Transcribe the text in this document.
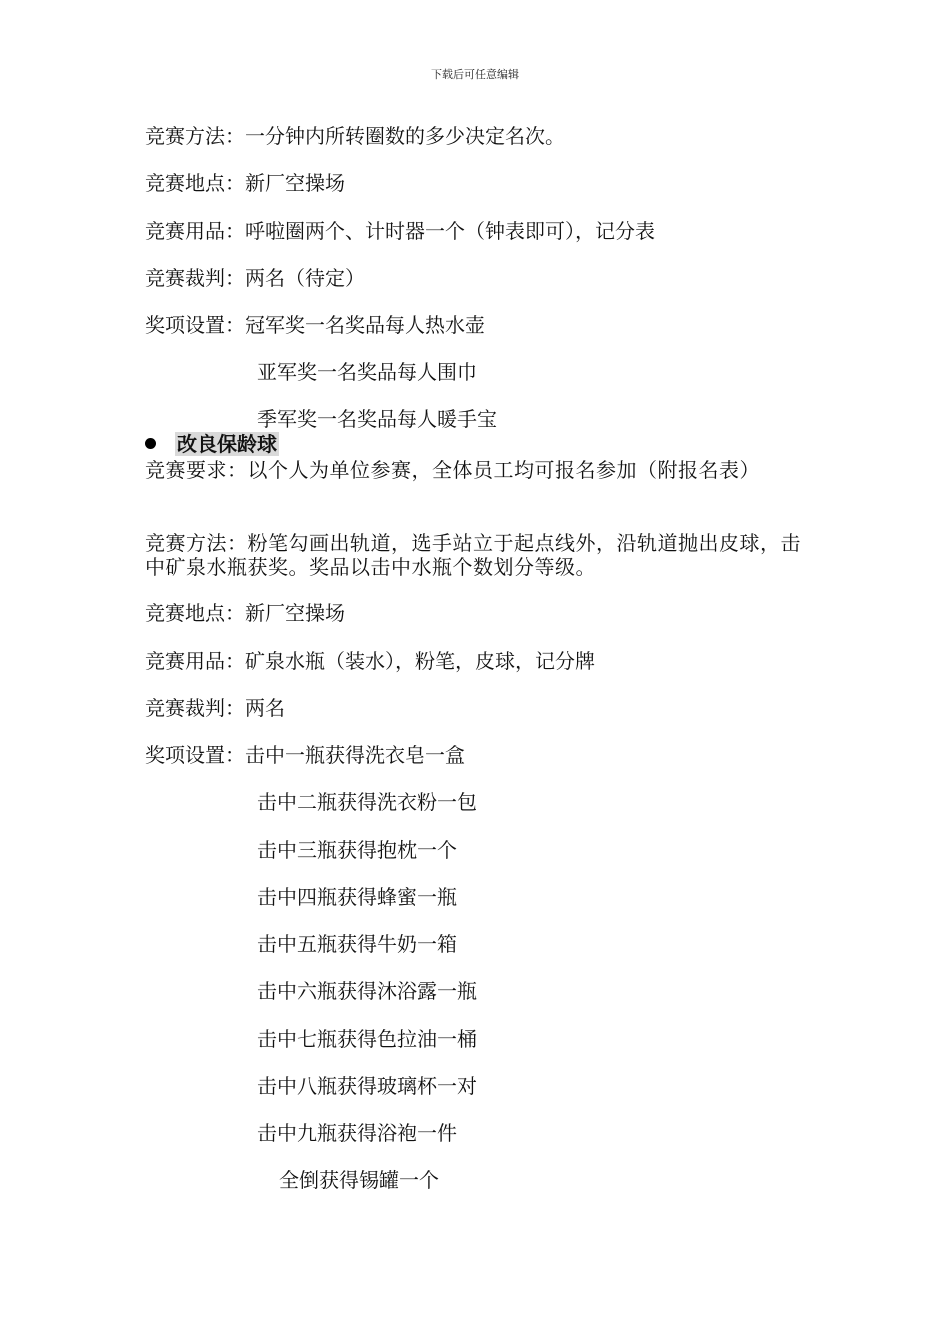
下载后可任意编辑
竞赛方法：一分钟内所转圈数的多少决定名次。
竞赛地点：新厂空操场
竞赛用品：呼啦圈两个、计时器一个（钟表即可），记分表
竞赛裁判：两名（待定）
奖项设置：冠军奖一名奖品每人热水壶
亚军奖一名奖品每人围巾
季军奖一名奖品每人暖手宝
改良保龄球
竞赛要求：以个人为单位参赛，全体员工均可报名参加（附报名表）
竞赛方法：粉笔勾画出轨道，选手站立于起点线外，沿轨道抛出皮球，击中矿泉水瓶获奖。奖品以击中水瓶个数划分等级。
竞赛地点：新厂空操场
竞赛用品：矿泉水瓶（装水），粉笔，皮球，记分牌
竞赛裁判：两名
奖项设置：击中一瓶获得洗衣皂一盒
击中二瓶获得洗衣粉一包
击中三瓶获得抱枕一个
击中四瓶获得蜂蜜一瓶
击中五瓶获得牛奶一箱
击中六瓶获得沐浴露一瓶
击中七瓶获得色拉油一桶
击中八瓶获得玻璃杯一对
击中九瓶获得浴袍一件
全倒获得锡罐一个
